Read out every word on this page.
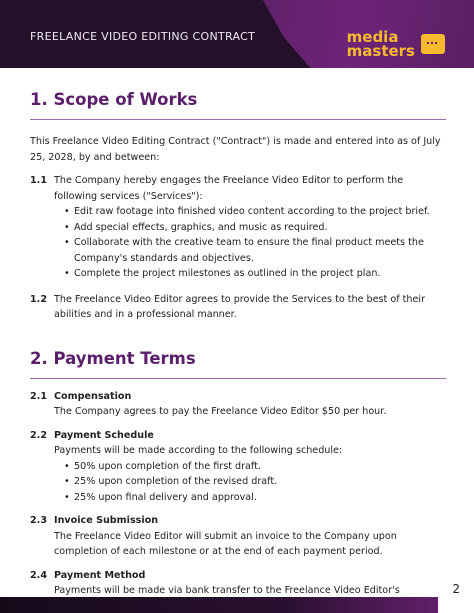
FREELANCE VIDEO EDITING CONTRACT	media
masters
1. Scope of Works

This Freelance Video Editing Contract ("Contract") is made and entered into as of July 25, 2028, by and between:

1.1 The Company hereby engages the Freelance Video Editor to perform the following services ("Services"):
• Edit raw footage into finished video content according to the project brief.
• Add special effects, graphics, and music as required.
• Collaborate with the creative team to ensure the final product meets the Company's standards and objectives.
• Complete the project milestones as outlined in the project plan.
1.2 The Freelance Video Editor agrees to provide the Services to the best of their abilities and in a professional manner.
2. Payment Terms
2.1 Compensation
The Company agrees to pay the Freelance Video Editor $50 per hour.
2.2 Payment Schedule
Payments will be made according to the following schedule:
• 50% upon completion of the first draft.
• 25% upon completion of the revised draft.
• 25% upon final delivery and approval.
2.3 Invoice Submission
The Freelance Video Editor will submit an invoice to the Company upon completion of each milestone or at the end of each payment period.
2.4 Payment Method
Payments will be made via bank transfer to the Freelance Video Editor's	2
